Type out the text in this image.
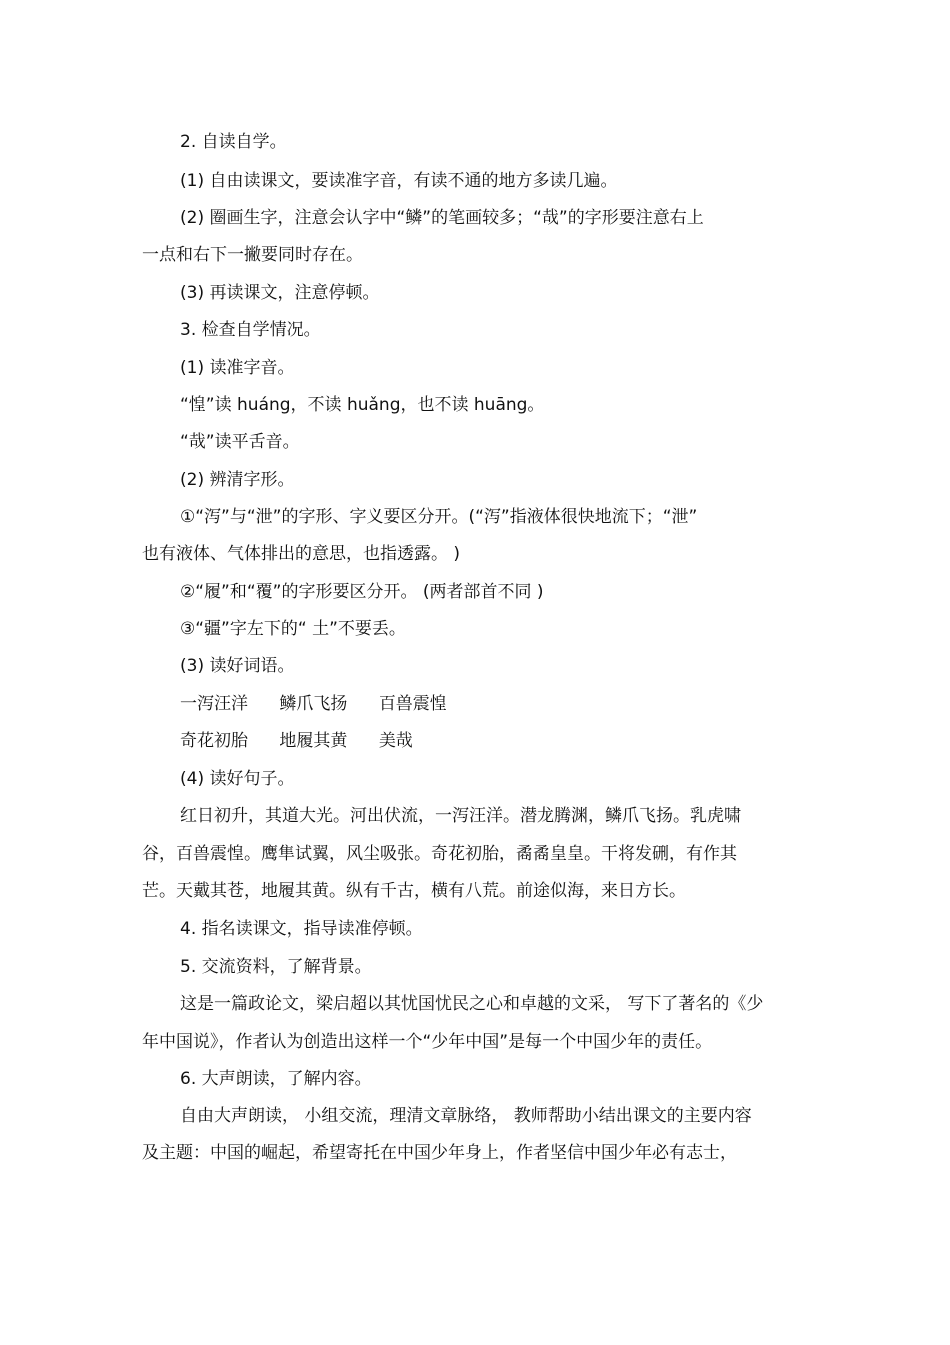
2. 自读自学。
(1) 自由读课文，要读准字音，有读不通的地方多读几遍。
(2) 圈画生字，注意会认字中“鳞”的笔画较多；“哉”的字形要注意右上
一点和右下一撇要同时存在。
(3) 再读课文，注意停顿。
3. 检查自学情况。
(1) 读准字音。
“惶”读 huáng，不读 huǎng，也不读 huāng。
“哉”读平舌音。
(2) 辨清字形。
①“泻”与“泄”的字形、字义要区分开。(“泻”指液体很快地流下；“泄”
也有液体、气体排出的意思，也指透露。 )
②“履”和“覆”的字形要区分开。 (两者部首不同 )
③“疆”字左下的“ 土”不要丢。
(3) 读好词语。
一泻汪洋 鳞爪飞扬 百兽震惶
奇花初胎 地履其黄 美哉
(4) 读好句子。
红日初升，其道大光。河出伏流，一泻汪洋。潜龙腾渊，鳞爪飞扬。乳虎啸
谷，百兽震惶。鹰隼试翼，风尘吸张。奇花初胎，矞矞皇皇。干将发硎，有作其
芒。天戴其苍，地履其黄。纵有千古，横有八荒。前途似海，来日方长。
4. 指名读课文，指导读准停顿。
5. 交流资料，了解背景。
这是一篇政论文，梁启超以其忧国忧民之心和卓越的文采， 写下了著名的《少
年中国说》，作者认为创造出这样一个“少年中国”是每一个中国少年的责任。
6. 大声朗读，了解内容。
自由大声朗读， 小组交流，理清文章脉络， 教师帮助小结出课文的主要内容
及主题：中国的崛起，希望寄托在中国少年身上，作者坚信中国少年必有志士，
